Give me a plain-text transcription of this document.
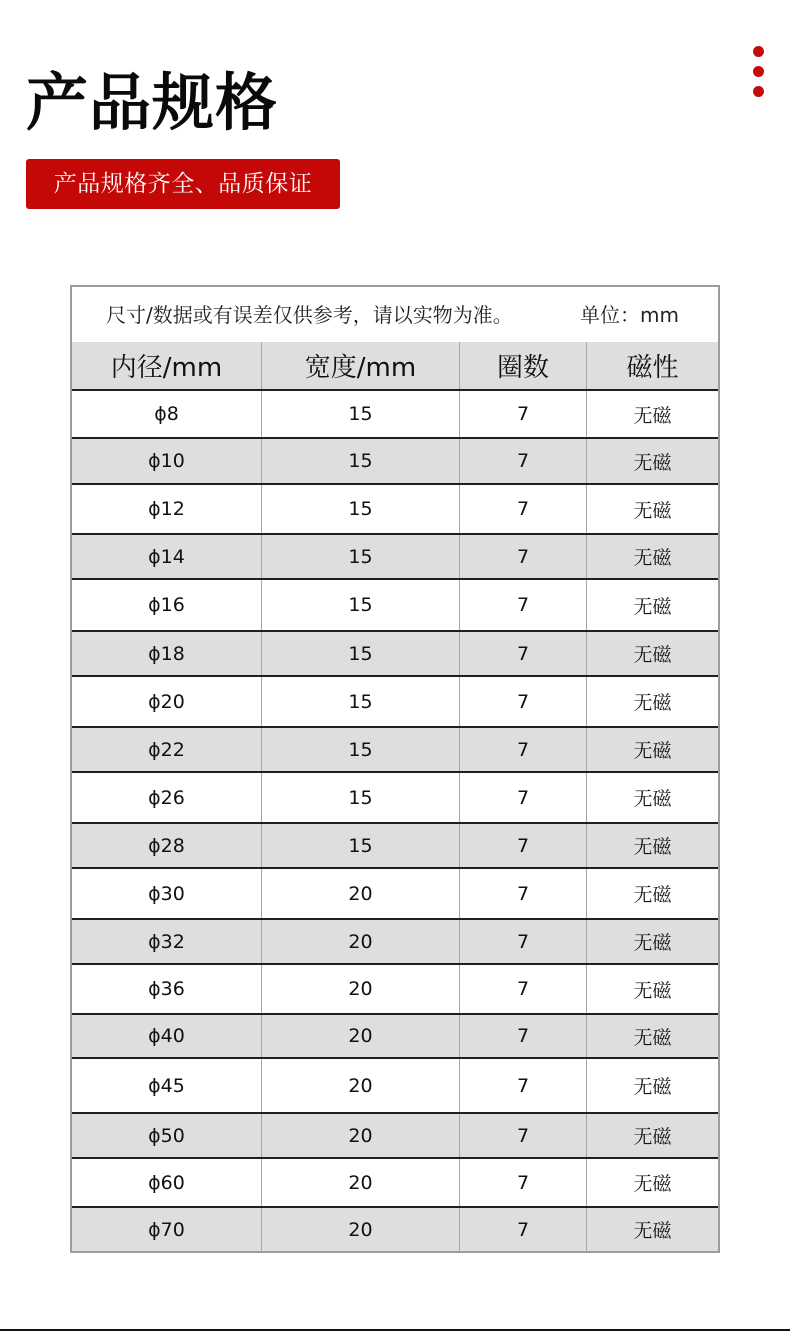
产品规格
产品规格齐全、品质保证
尺寸/数据或有误差仅供参考，请以实物为准。	单位：mm
内径/mm	宽度/mm	圈数	磁性
ϕ8	15	7	无磁
ϕ10	15	7	无磁
ϕ12	15	7	无磁
ϕ14	15	7	无磁
ϕ16	15	7	无磁
ϕ18	15	7	无磁
ϕ20	15	7	无磁
ϕ22	15	7	无磁
ϕ26	15	7	无磁
ϕ28	15	7	无磁
ϕ30	20	7	无磁
ϕ32	20	7	无磁
ϕ36	20	7	无磁
ϕ40	20	7	无磁
ϕ45	20	7	无磁
ϕ50	20	7	无磁
ϕ60	20	7	无磁
ϕ70	20	7	无磁
